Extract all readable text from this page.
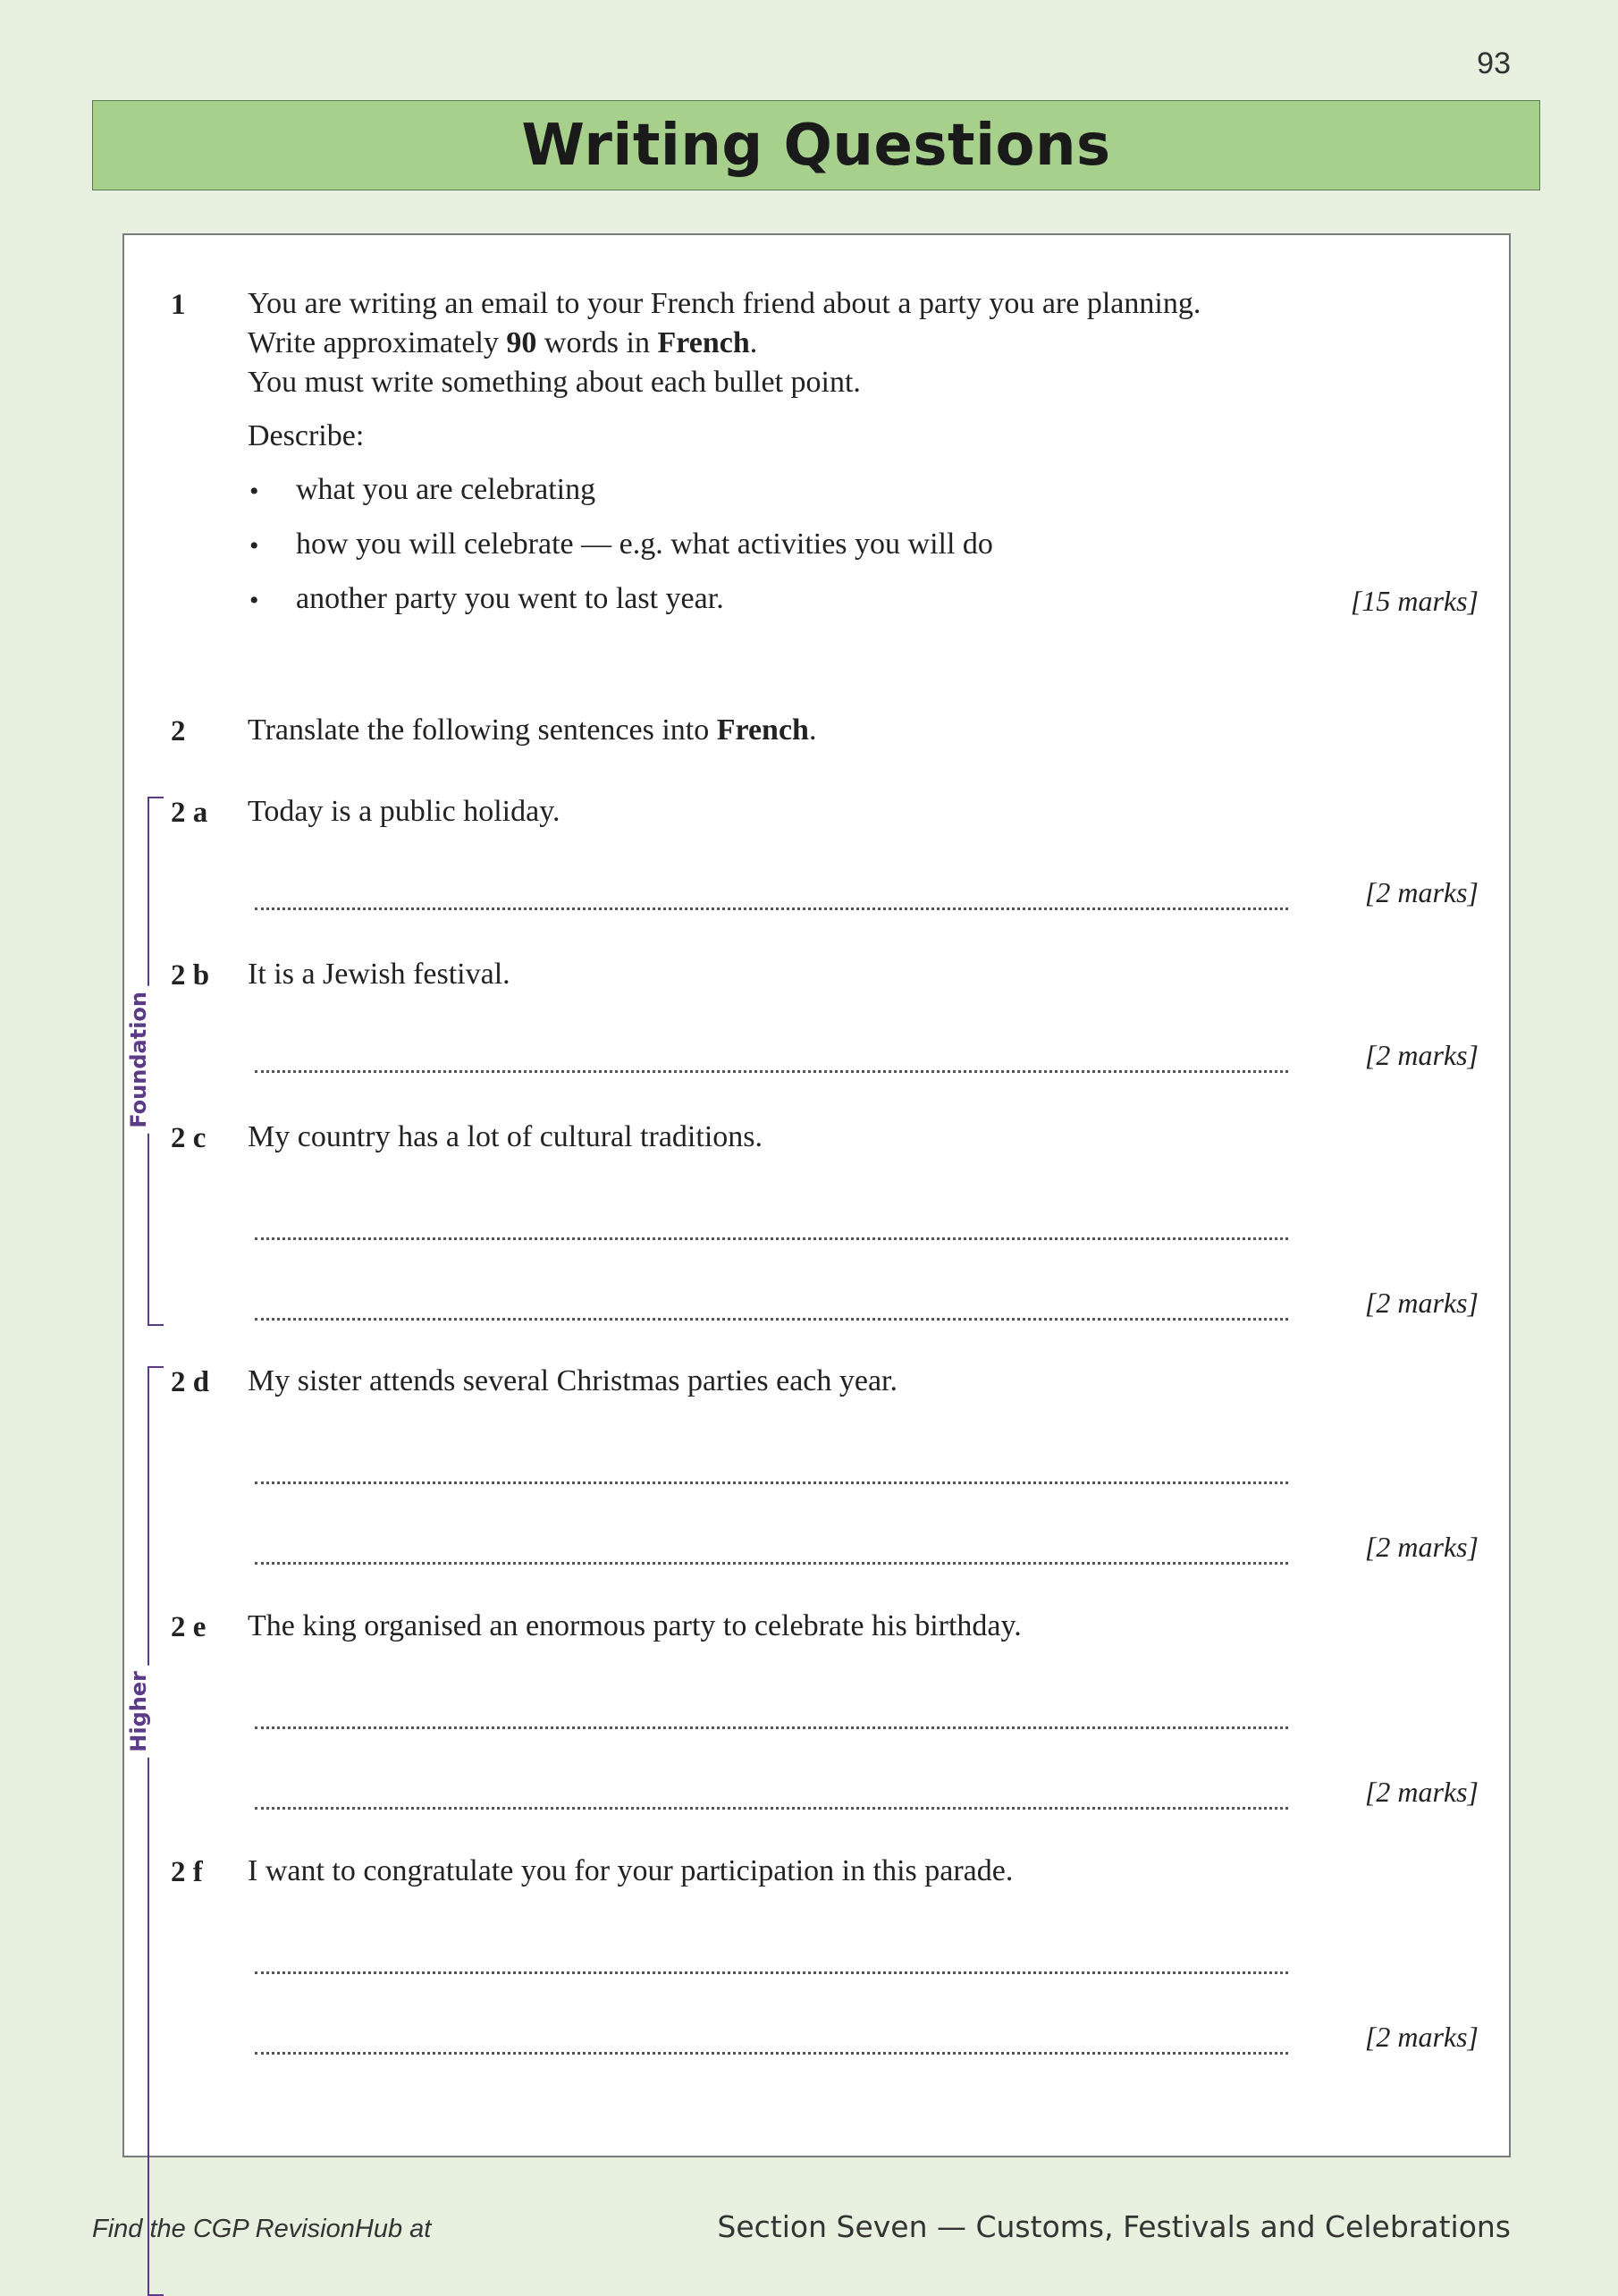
93
Writing Questions
1 You are writing an email to your French friend about a party you are planning.
Write approximately 90 words in French.
You must write something about each bullet point.
Describe:
• what you are celebrating
• how you will celebrate — e.g. what activities you will do
• another party you went to last year.	[15 marks]
2 Translate the following sentences into French.
Foundation
Higher
2 a Today is a public holiday.
[2 marks]
2 b It is a Jewish festival.
[2 marks]
2 c My country has a lot of cultural traditions.
[2 marks]
2 d My sister attends several Christmas parties each year.
[2 marks]
2 e The king organised an enormous party to celebrate his birthday.
[2 marks]
2 f I want to congratulate you for your participation in this parade.
[2 marks]
Find the CGP RevisionHub at	Section Seven — Customs, Festivals and Celebrations
